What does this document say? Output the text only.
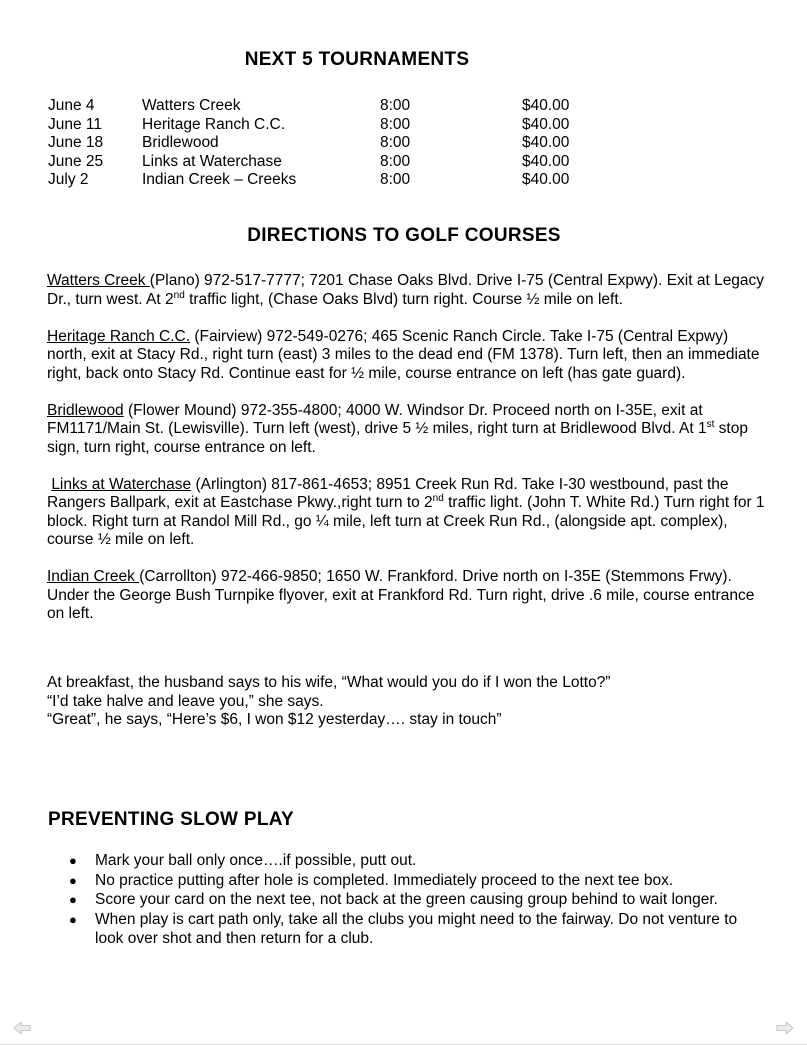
NEXT 5 TOURNAMENTS
June 4	Watters Creek	8:00	$40.00
June 11	Heritage Ranch C.C.	8:00	$40.00
June 18	Bridlewood	8:00	$40.00
June 25	Links at Waterchase	8:00	$40.00
July 2	Indian Creek – Creeks	8:00	$40.00
DIRECTIONS TO GOLF COURSES

Watters Creek (Plano) 972-517-7777; 7201 Chase Oaks Blvd. Drive I-75 (Central Expwy). Exit at Legacy Dr., turn west. At 2nd traffic light, (Chase Oaks Blvd) turn right. Course ½ mile on left.

Heritage Ranch C.C. (Fairview) 972-549-0276; 465 Scenic Ranch Circle. Take I-75 (Central Expwy) north, exit at Stacy Rd., right turn (east) 3 miles to the dead end (FM 1378). Turn left, then an immediate right, back onto Stacy Rd. Continue east for ½ mile, course entrance on left (has gate guard).

Bridlewood (Flower Mound) 972-355-4800; 4000 W. Windsor Dr. Proceed north on I-35E, exit at FM1171/Main St. (Lewisville). Turn left (west), drive 5 ½ miles, right turn at Bridlewood Blvd. At 1st stop sign, turn right, course entrance on left.

Links at Waterchase (Arlington) 817-861-4653; 8951 Creek Run Rd. Take I-30 westbound, past the Rangers Ballpark, exit at Eastchase Pkwy.,right turn to 2nd traffic light. (John T. White Rd.) Turn right for 1 block. Right turn at Randol Mill Rd., go ¼ mile, left turn at Creek Run Rd., (alongside apt. complex), course ½ mile on left.

Indian Creek (Carrollton) 972-466-9850; 1650 W. Frankford. Drive north on I-35E (Stemmons Frwy). Under the George Bush Turnpike flyover, exit at Frankford Rd. Turn right, drive .6 mile, course entrance on left.

At breakfast, the husband says to his wife, “What would you do if I won the Lotto?”
“I’d take halve and leave you,” she says.
“Great”, he says, “Here’s $6, I won $12 yesterday…. stay in touch”
PREVENTING SLOW PLAY
● Mark your ball only once….if possible, putt out.
● No practice putting after hole is completed. Immediately proceed to the next tee box.
● Score your card on the next tee, not back at the green causing group behind to wait longer.
● When play is cart path only, take all the clubs you might need to the fairway. Do not venture to look over shot and then return for a club.
